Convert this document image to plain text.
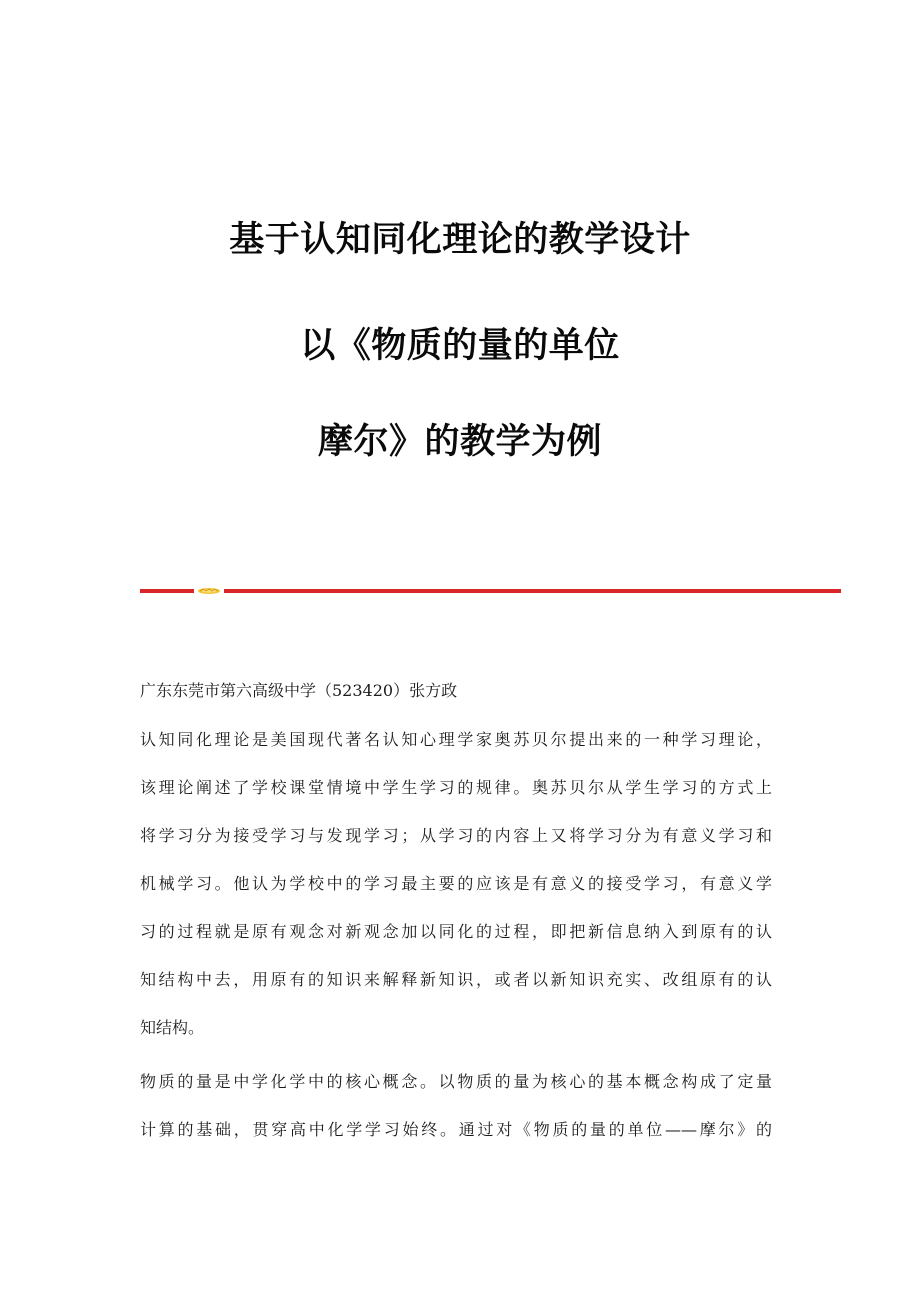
基于认知同化理论的教学设计
以《物质的量的单位
摩尔》的教学为例

广东东莞市第六高级中学（523420）张方政

认知同化理论是美国现代著名认知心理学家奥苏贝尔提出来的一种学习理论，
该理论阐述了学校课堂情境中学生学习的规律。奥苏贝尔从学生学习的方式上
将学习分为接受学习与发现学习；从学习的内容上又将学习分为有意义学习和
机械学习。他认为学校中的学习最主要的应该是有意义的接受学习，有意义学
习的过程就是原有观念对新观念加以同化的过程，即把新信息纳入到原有的认
知结构中去，用原有的知识来解释新知识，或者以新知识充实、改组原有的认
知结构。

物质的量是中学化学中的核心概念。以物质的量为核心的基本概念构成了定量
计算的基础，贯穿高中化学学习始终。通过对《物质的量的单位——摩尔》的
